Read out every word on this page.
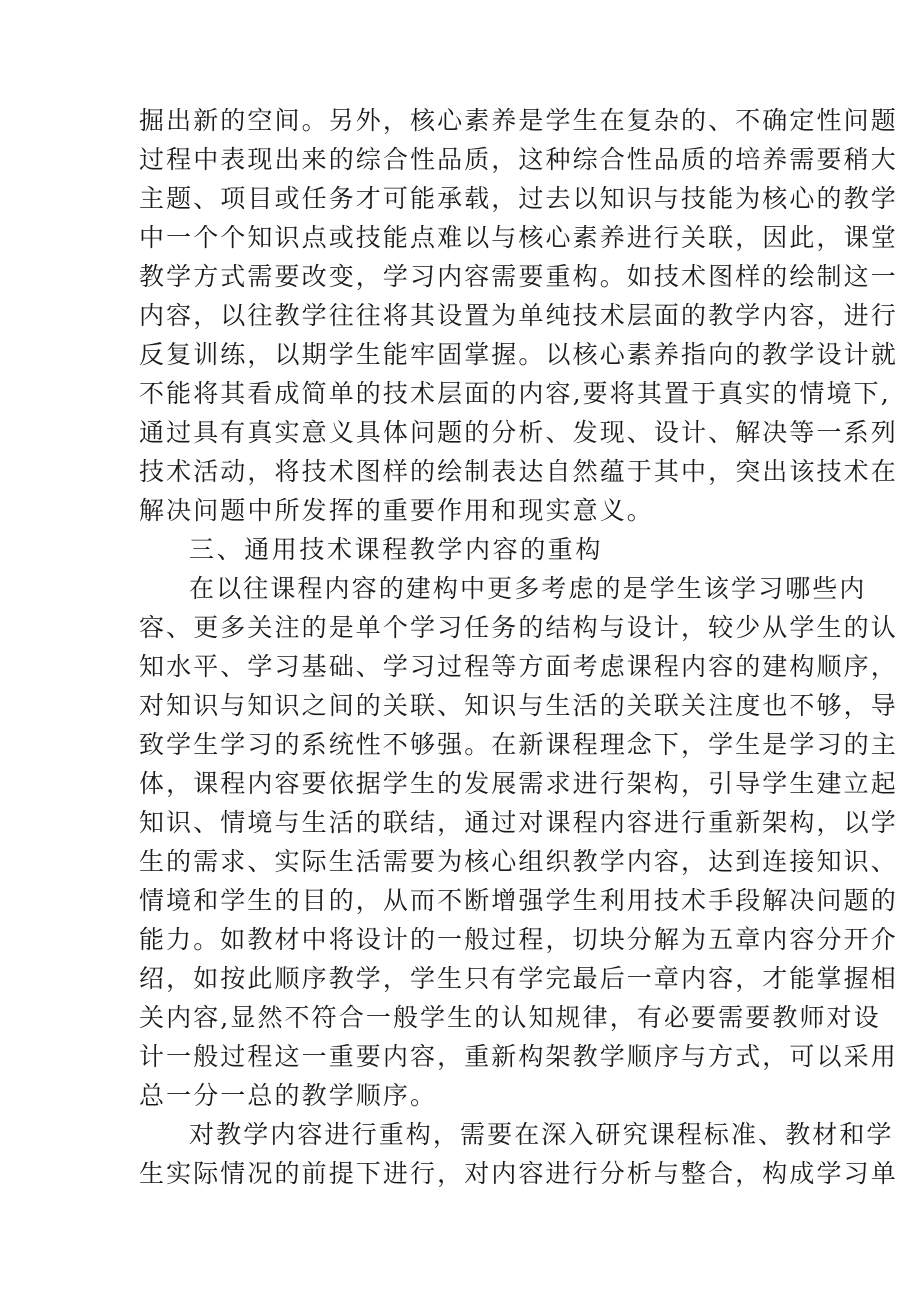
掘出新的空间。另外，核心素养是学生在复杂的、不确定性问题
过程中表现出来的综合性品质，这种综合性品质的培养需要稍大
主题、项目或任务才可能承载，过去以知识与技能为核心的教学
中一个个知识点或技能点难以与核心素养进行关联，因此，课堂
教学方式需要改变，学习内容需要重构。如技术图样的绘制这一
内容，以往教学往往将其设置为单纯技术层面的教学内容，进行
反复训练，以期学生能牢固掌握。以核心素养指向的教学设计就
不能将其看成简单的技术层面的内容,要将其置于真实的情境下,
通过具有真实意义具体问题的分析、发现、设计、解决等一系列
技术活动，将技术图样的绘制表达自然蕴于其中，突出该技术在
解决问题中所发挥的重要作用和现实意义。
三、通用技术课程教学内容的重构
在以往课程内容的建构中更多考虑的是学生该学习哪些内
容、更多关注的是单个学习任务的结构与设计，较少从学生的认
知水平、学习基础、学习过程等方面考虑课程内容的建构顺序，
对知识与知识之间的关联、知识与生活的关联关注度也不够，导
致学生学习的系统性不够强。在新课程理念下，学生是学习的主
体，课程内容要依据学生的发展需求进行架构，引导学生建立起
知识、情境与生活的联结，通过对课程内容进行重新架构，以学
生的需求、实际生活需要为核心组织教学内容，达到连接知识、
情境和学生的目的，从而不断增强学生利用技术手段解决问题的
能力。如教材中将设计的一般过程，切块分解为五章内容分开介
绍，如按此顺序教学，学生只有学完最后一章内容，才能掌握相
关内容,显然不符合一般学生的认知规律，有必要需要教师对设
计一般过程这一重要内容，重新构架教学顺序与方式，可以采用
总一分一总的教学顺序。
对教学内容进行重构，需要在深入研究课程标准、教材和学
生实际情况的前提下进行，对内容进行分析与整合，构成学习单
